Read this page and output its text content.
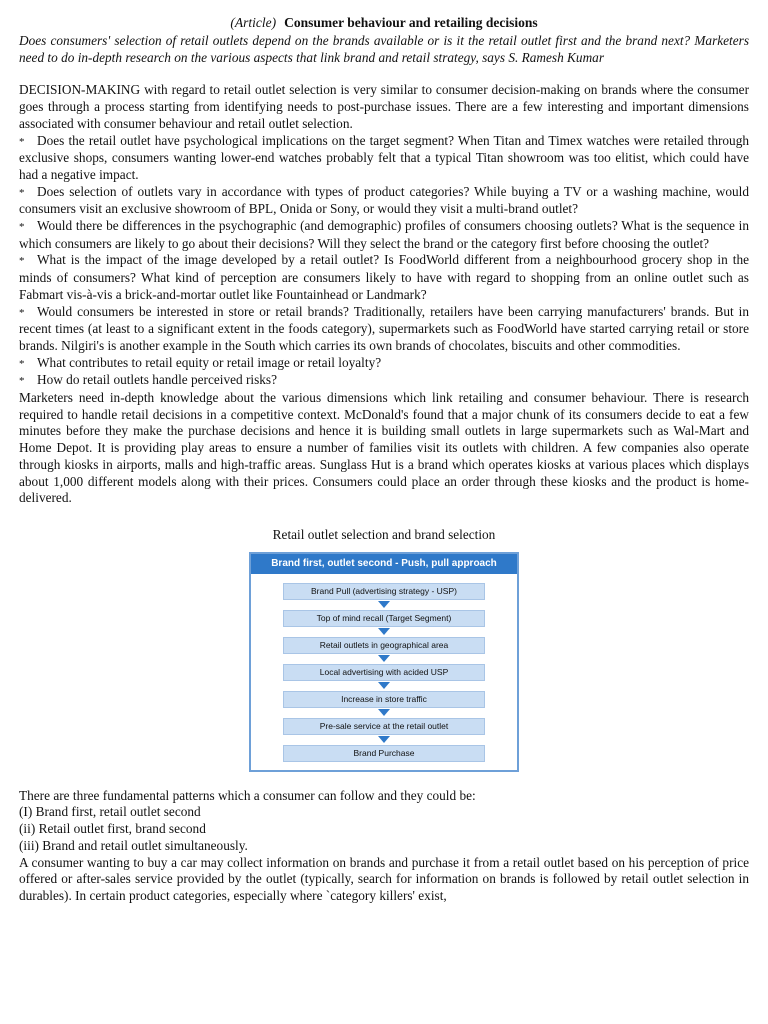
(Article) Consumer behaviour and retailing decisions

Does consumers' selection of retail outlets depend on the brands available or is it the retail outlet first and the brand next? Marketers need to do in-depth research on the various aspects that link brand and retail strategy, says S. Ramesh Kumar

DECISION-MAKING with regard to retail outlet selection is very similar to consumer decision-making on brands where the consumer goes through a process starting from identifying needs to post-purchase issues. There are a few interesting and important dimensions associated with consumer behaviour and retail outlet selection.

* Does the retail outlet have psychological implications on the target segment? When Titan and Timex watches were retailed through exclusive shops, consumers wanting lower-end watches probably felt that a typical Titan showroom was too elitist, which could have had a negative impact.

* Does selection of outlets vary in accordance with types of product categories? While buying a TV or a washing machine, would consumers visit an exclusive showroom of BPL, Onida or Sony, or would they visit a multi-brand outlet?

* Would there be differences in the psychographic (and demographic) profiles of consumers choosing outlets? What is the sequence in which consumers are likely to go about their decisions? Will they select the brand or the category first before choosing the outlet?

* What is the impact of the image developed by a retail outlet? Is FoodWorld different from a neighbourhood grocery shop in the minds of consumers? What kind of perception are consumers likely to have with regard to shopping from an online outlet such as Fabmart vis-à-vis a brick-and-mortar outlet like Fountainhead or Landmark?

* Would consumers be interested in store or retail brands? Traditionally, retailers have been carrying manufacturers' brands. But in recent times (at least to a significant extent in the foods category), supermarkets such as FoodWorld have started carrying retail or store brands. Nilgiri's is another example in the South which carries its own brands of chocolates, biscuits and other commodities.

* What contributes to retail equity or retail image or retail loyalty?

* How do retail outlets handle perceived risks?

Marketers need in-depth knowledge about the various dimensions which link retailing and consumer behaviour. There is research required to handle retail decisions in a competitive context. McDonald's found that a major chunk of its consumers decide to eat a few minutes before they make the purchase decisions and hence it is building small outlets in large supermarkets such as Wal-Mart and Home Depot. It is providing play areas to ensure a number of families visit its outlets with children. A few companies also operate through kiosks in airports, malls and high-traffic areas. Sunglass Hut is a brand which operates kiosks at various places which displays about 1,000 different models along with their prices. Consumers could place an order through these kiosks and the product is home-delivered.

Retail outlet selection and brand selection

Brand first, outlet second - Push, pull approach
Brand Pull (advertising strategy - USP)
Top of mind recall (Target Segment)
Retail outlets in geographical area
Local advertising with acided USP
Increase in store traffic
Pre-sale service at the retail outlet
Brand Purchase

There are three fundamental patterns which a consumer can follow and they could be:

(I) Brand first, retail outlet second

(ii) Retail outlet first, brand second

(iii) Brand and retail outlet simultaneously.

A consumer wanting to buy a car may collect information on brands and purchase it from a retail outlet based on his perception of price offered or after-sales service provided by the outlet (typically, search for information on brands is followed by retail outlet selection in durables). In certain product categories, especially where `category killers' exist,
